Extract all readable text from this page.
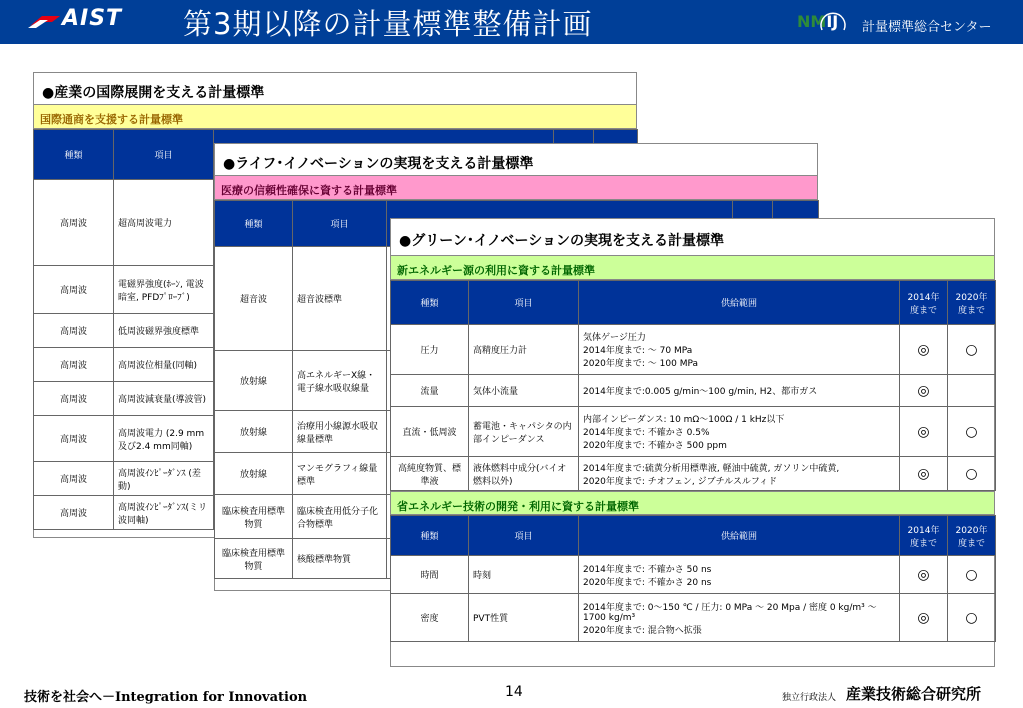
AIST 第3期以降の計量標準整備計画	NMIJ 計量標準総合センター
●産業の国際展開を支える計量標準
国際通商を支援する計量標準
種類	項目			
高周波	超高周波電力			
高周波	電磁界強度(ﾎｰﾝ, 電波暗室, PFDﾌﾟﾛｰﾌﾞ)			
高周波	低周波磁界強度標準			
高周波	高周波位相量(同軸)			
高周波	高周波減衰量(導波管)			
高周波	高周波電力 (2.9 mm及び2.4 mm同軸)			
高周波	高周波ｲﾝﾋﾟｰﾀﾞﾝｽ (差動)			
高周波	高周波ｲﾝﾋﾟｰﾀﾞﾝｽ(ミリ波同軸)			
●ライフ･イノベーションの実現を支える計量標準
医療の信頼性確保に資する計量標準
種類	項目			
超音波	超音波標準			
放射線	高エネルギーX線・電子線水吸収線量			
放射線	治療用小線源水吸収線量標準			
放射線	マンモグラフィ線量標準			
臨床検査用標準物質	臨床検査用低分子化合物標準			
臨床検査用標準物質	核酸標準物質			
●グリーン･イノベーションの実現を支える計量標準
新エネルギー源の利用に資する計量標準
種類	項目	供給範囲	2014年度まで	2020年度まで
圧力	高精度圧力計	気体ゲージ圧力
2014年度まで: ～ 70 MPa
2020年度まで: ～ 100 MPa	◎	○
流量	気体小流量	2014年度まで:0.005 g/min～100 g/min, H2、都市ガス	◎	
直流・低周波	蓄電池・キャパシタの内部インピーダンス	内部インピーダンス: 10 mΩ～100Ω / 1 kHz以下
2014年度まで: 不確かさ 0.5%
2020年度まで: 不確かさ 500 ppm	◎	○
高純度物質、標準液	液体燃料中成分(バイオ燃料以外)	2014年度まで:硫黄分析用標準液, 軽油中硫黄, ガソリン中硫黄,
2020年度まで: チオフェン, ジブチルスルフィド	◎	○
省エネルギー技術の開発・利用に資する計量標準
種類	項目	供給範囲	2014年度まで	2020年度まで
時間	時刻	2014年度まで: 不確かさ 50 ns
2020年度まで: 不確かさ 20 ns	◎	○
密度	PVT性質	2014年度まで: 0～150 ℃ / 圧力: 0 MPa ～ 20 Mpa / 密度 0 kg/m³ ～ 1700 kg/m³
2020年度まで: 混合物へ拡張	◎	○
技術を社会へ－Integration for Innovation	14	独立行政法人 産業技術総合研究所
